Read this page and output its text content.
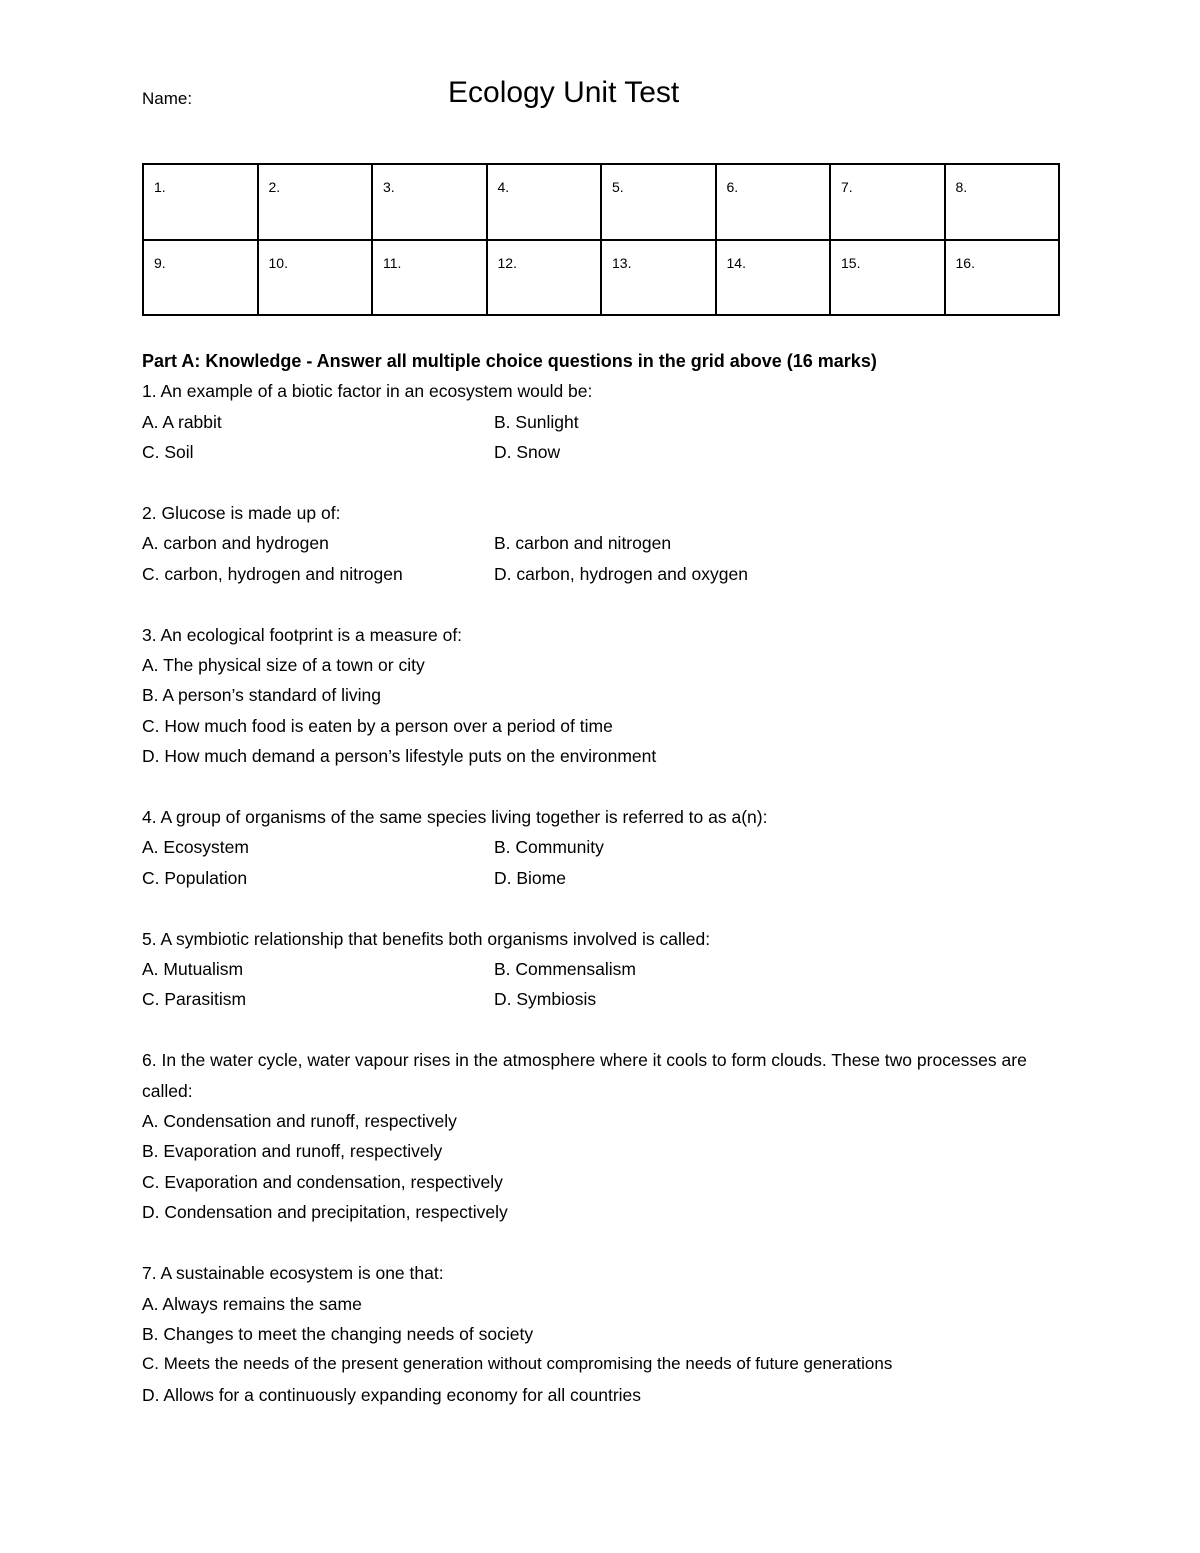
Name:	Ecology Unit Test
1.	2.	3.	4.	5.	6.	7.	8.
9.	10.	11.	12.	13.	14.	15.	16.
Part A: Knowledge - Answer all multiple choice questions in the grid above (16 marks)
1. An example of a biotic factor in an ecosystem would be:
A. A rabbit	B. Sunlight
C. Soil	D. Snow
2. Glucose is made up of:
A. carbon and hydrogen	B. carbon and nitrogen
C. carbon, hydrogen and nitrogen	D. carbon, hydrogen and oxygen
3. An ecological footprint is a measure of:
A. The physical size of a town or city
B. A person’s standard of living
C. How much food is eaten by a person over a period of time
D. How much demand a person’s lifestyle puts on the environment
4. A group of organisms of the same species living together is referred to as a(n):
A. Ecosystem	B. Community
C. Population	D. Biome
5. A symbiotic relationship that benefits both organisms involved is called:
A. Mutualism	B. Commensalism
C. Parasitism	D. Symbiosis
6. In the water cycle, water vapour rises in the atmosphere where it cools to form clouds. These two processes are called:
A. Condensation and runoff, respectively
B. Evaporation and runoff, respectively
C. Evaporation and condensation, respectively
D. Condensation and precipitation, respectively
7. A sustainable ecosystem is one that:
A. Always remains the same
B. Changes to meet the changing needs of society
C. Meets the needs of the present generation without compromising the needs of future generations
D. Allows for a continuously expanding economy for all countries
